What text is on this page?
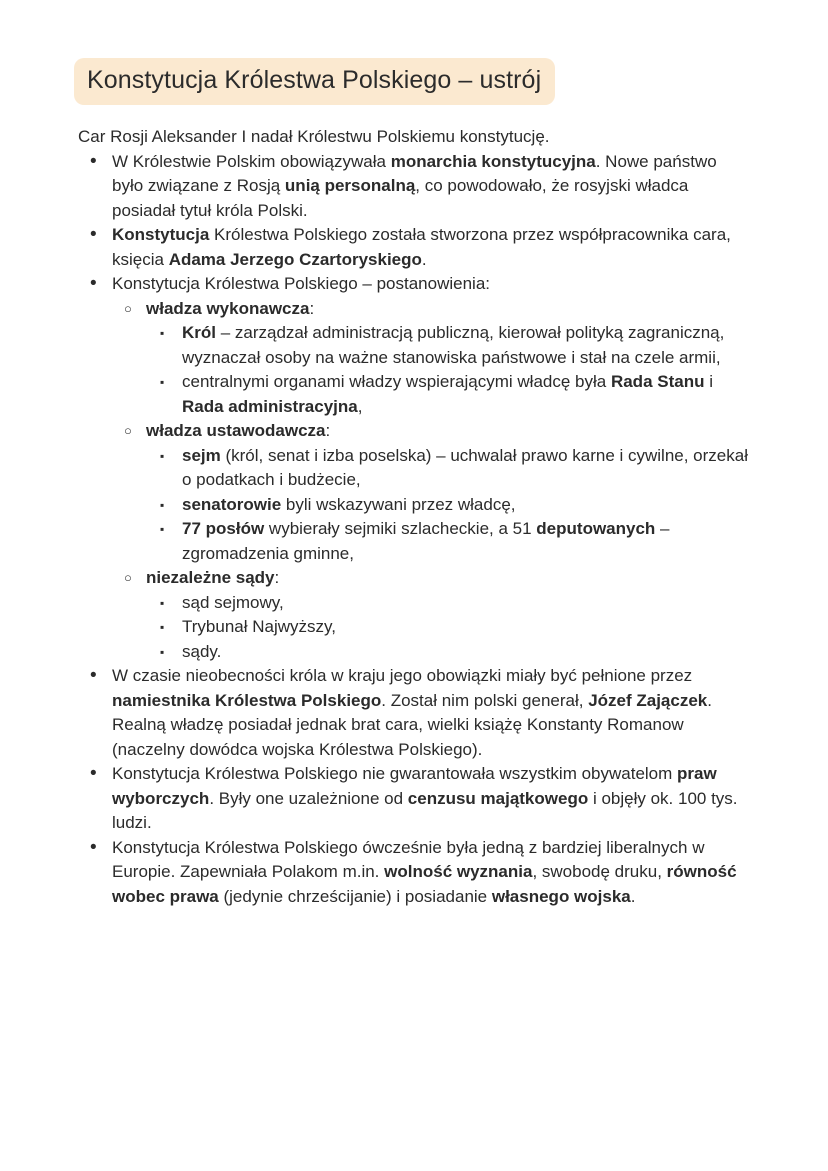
Konstytucja Królestwa Polskiego – ustrój

Car Rosji Aleksander I nadał Królestwu Polskiemu konstytucję.

• W Królestwie Polskim obowiązywała monarchia konstytucyjna. Nowe państwo było związane z Rosją unią personalną, co powodowało, że rosyjski władca posiadał tytuł króla Polski.
• Konstytucja Królestwa Polskiego została stworzona przez współpracownika cara, księcia Adama Jerzego Czartoryskiego.
• Konstytucja Królestwa Polskiego – postanowienia:
○ władza wykonawcza:
▪	Król – zarządzał administracją publiczną, kierował polityką zagraniczną, wyznaczał osoby na ważne stanowiska państwowe i stał na czele armii,
▪	centralnymi organami władzy wspierającymi władcę była Rada Stanu i Rada administracyjna,
○ władza ustawodawcza:
▪	sejm (król, senat i izba poselska) – uchwalał prawo karne i cywilne, orzekał o podatkach i budżecie,
▪	senatorowie byli wskazywani przez władcę,
▪	77 posłów wybierały sejmiki szlacheckie, a 51 deputowanych – zgromadzenia gminne,
○ niezależne sądy:
▪	sąd sejmowy,
▪	Trybunał Najwyższy,
▪	sądy.
• W czasie nieobecności króla w kraju jego obowiązki miały być pełnione przez namiestnika Królestwa Polskiego. Został nim polski generał, Józef Zajączek. Realną władzę posiadał jednak brat cara, wielki książę Konstanty Romanow (naczelny dowódca wojska Królestwa Polskiego).
• Konstytucja Królestwa Polskiego nie gwarantowała wszystkim obywatelom praw wyborczych. Były one uzależnione od cenzusu majątkowego i objęły ok. 100 tys. ludzi.
• Konstytucja Królestwa Polskiego ówcześnie była jedną z bardziej liberalnych w Europie. Zapewniała Polakom m.in. wolność wyznania, swobodę druku, równość wobec prawa (jedynie chrześcijanie) i posiadanie własnego wojska.
